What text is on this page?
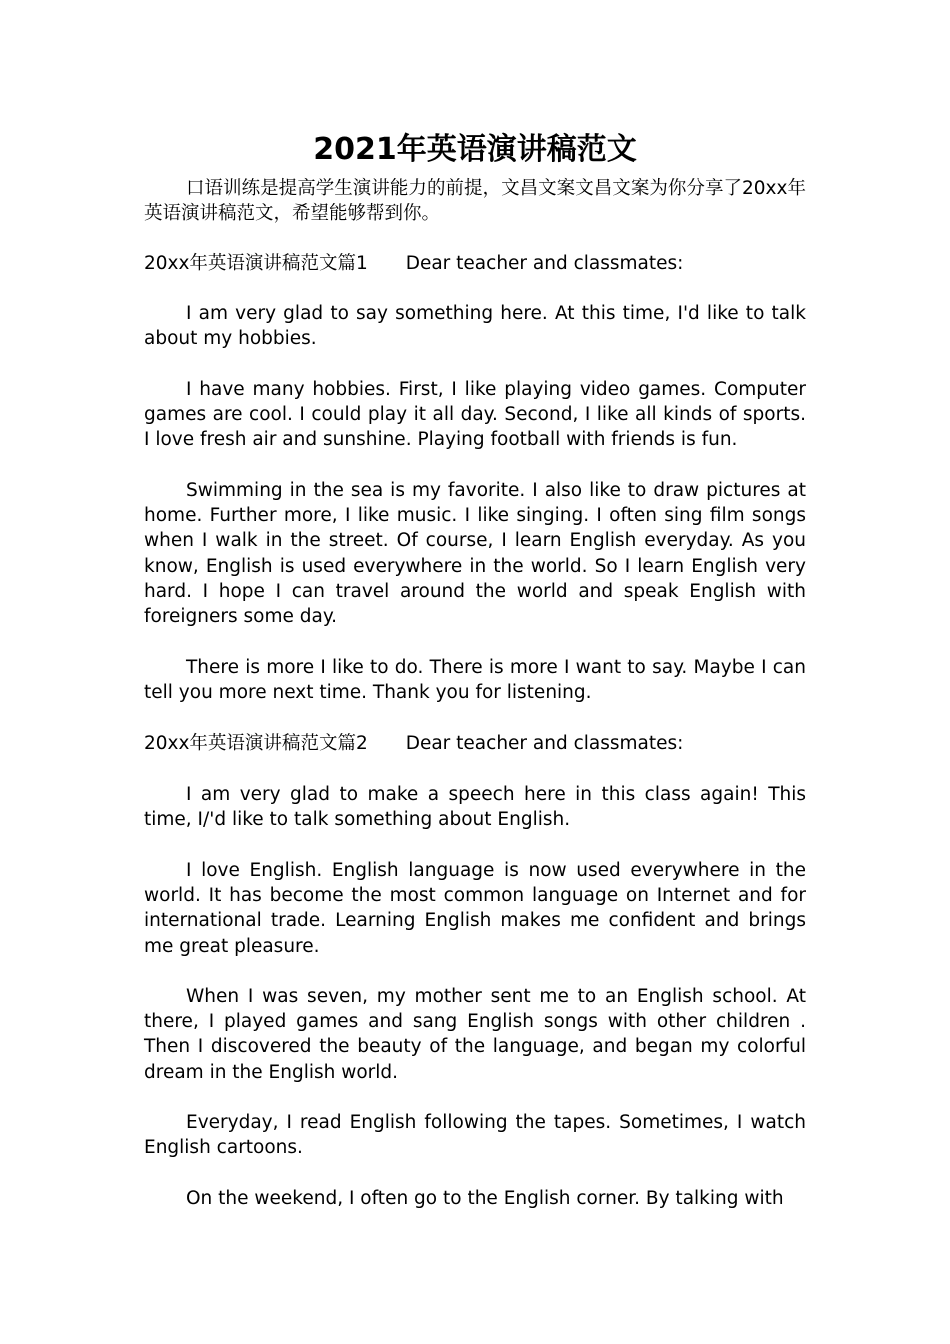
2021年英语演讲稿范文
口语训练是提高学生演讲能力的前提，文昌文案文昌文案为你分享了20xx年英语演讲稿范文，希望能够帮到你。
20xx年英语演讲稿范文篇1 Dear teacher and classmates:
I am very glad to say something here. At this time, I'd like to talk about my hobbies.
I have many hobbies. First, I like playing video games. Computer games are cool. I could play it all day. Second, I like all kinds of sports. I love fresh air and sunshine. Playing football with friends is fun.
Swimming in the sea is my favorite. I also like to draw pictures at home. Further more, I like music. I like singing. I often sing film songs when I walk in the street. Of course, I learn English everyday. As you know, English is used everywhere in the world. So I learn English very hard. I hope I can travel around the world and speak English with foreigners some day.
There is more I like to do. There is more I want to say. Maybe I can tell you more next time. Thank you for listening.
20xx年英语演讲稿范文篇2 Dear teacher and classmates:
I am very glad to make a speech here in this class again! This time, I/'d like to talk something about English.
I love English. English language is now used everywhere in the world. It has become the most common language on Internet and for international trade. Learning English makes me confident and brings me great pleasure.
When I was seven, my mother sent me to an English school. At there, I played games and sang English songs with other children . Then I discovered the beauty of the language, and began my colorful dream in the English world.
Everyday, I read English following the tapes. Sometimes, I watch English cartoons.
On the weekend, I often go to the English corner. By talking with
